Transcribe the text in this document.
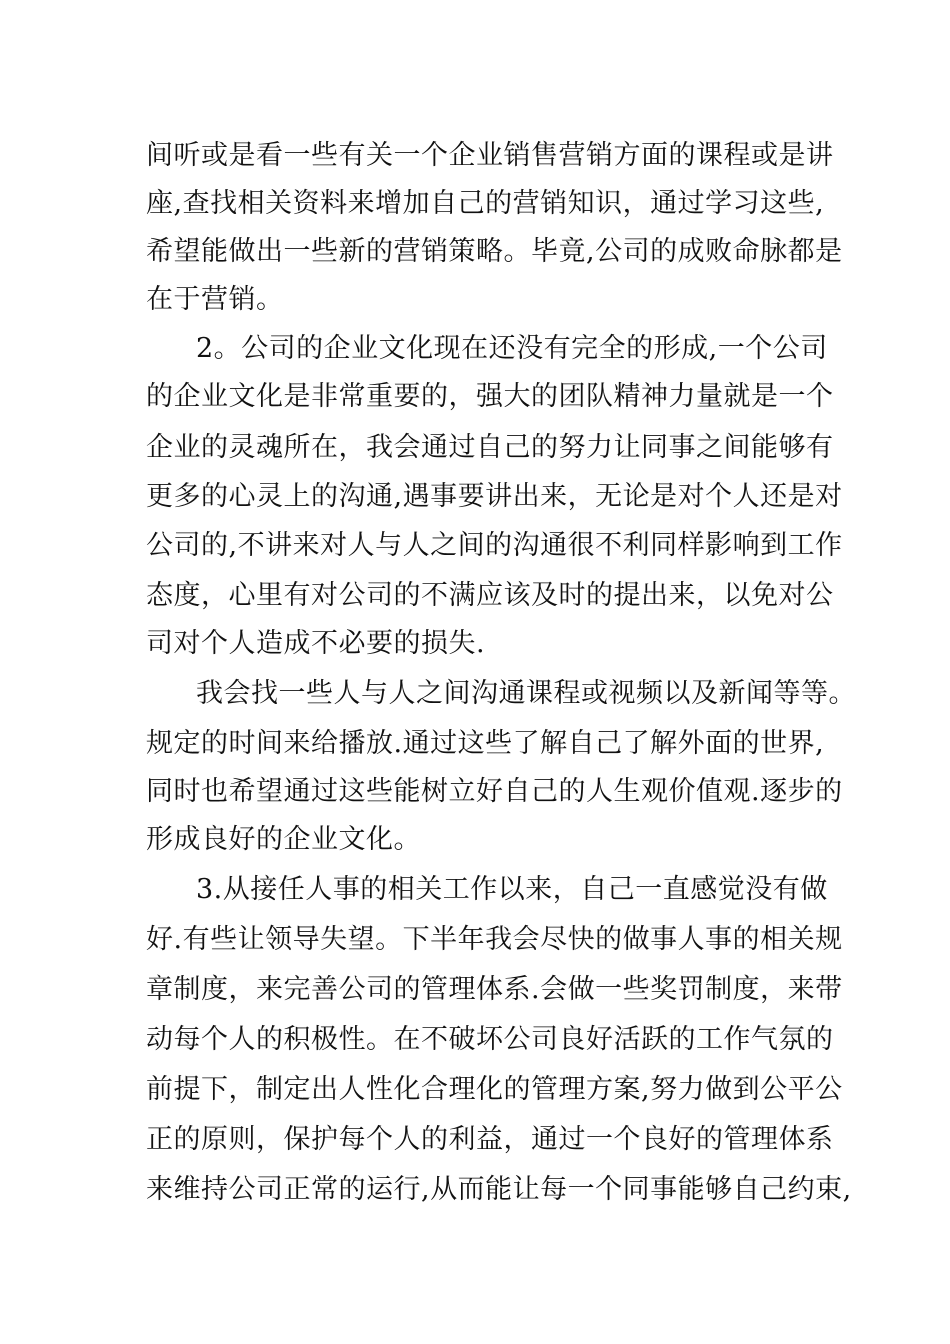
间听或是看一些有关一个企业销售营销方面的课程或是讲
座,查找相关资料来增加自己的营销知识，通过学习这些,
希望能做出一些新的营销策略。毕竟,公司的成败命脉都是
在于营销。
2。公司的企业文化现在还没有完全的形成,一个公司
的企业文化是非常重要的，强大的团队精神力量就是一个
企业的灵魂所在，我会通过自己的努力让同事之间能够有
更多的心灵上的沟通,遇事要讲出来，无论是对个人还是对
公司的,不讲来对人与人之间的沟通很不利同样影响到工作
态度，心里有对公司的不满应该及时的提出来，以免对公
司对个人造成不必要的损失.
我会找一些人与人之间沟通课程或视频以及新闻等等。
规定的时间来给播放.通过这些了解自己了解外面的世界,
同时也希望通过这些能树立好自己的人生观价值观.逐步的
形成良好的企业文化。
3.从接任人事的相关工作以来，自己一直感觉没有做
好.有些让领导失望。下半年我会尽快的做事人事的相关规
章制度，来完善公司的管理体系.会做一些奖罚制度，来带
动每个人的积极性。在不破坏公司良好活跃的工作气氛的
前提下，制定出人性化合理化的管理方案,努力做到公平公
正的原则，保护每个人的利益，通过一个良好的管理体系
来维持公司正常的运行,从而能让每一个同事能够自己约束,
